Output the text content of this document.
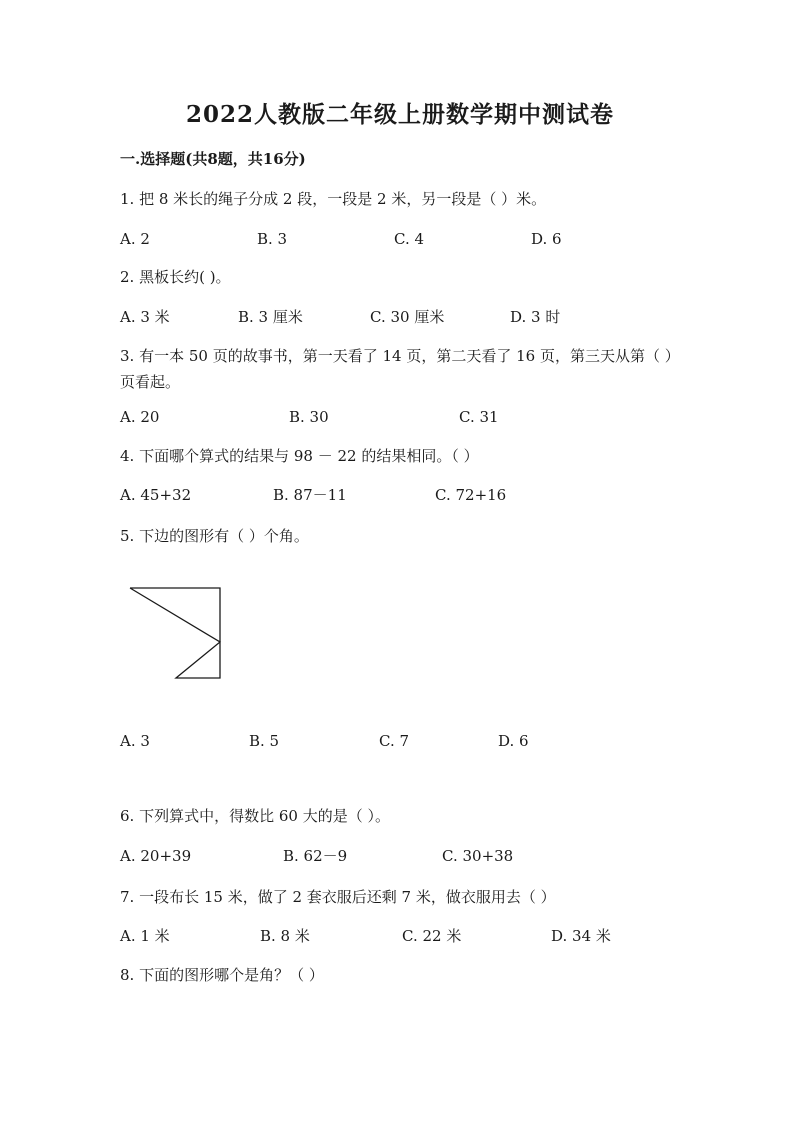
2022人教版二年级上册数学期中测试卷
一.选择题(共8题，共16分)
1. 把 8 米长的绳子分成 2 段，一段是 2 米，另一段是（ ）米。
A. 2	B. 3	C. 4	D. 6
2. 黑板长约( )。
A. 3 米	B. 3 厘米	C. 30 厘米	D. 3 时
3. 有一本 50 页的故事书，第一天看了 14 页，第二天看了 16 页，第三天从第（ ）页看起。
A. 20	B. 30	C. 31
4. 下面哪个算式的结果与 98 － 22 的结果相同。（ ）
A. 45+32	B. 87－11	C. 72+16
5. 下边的图形有（ ）个角。
A. 3	B. 5	C. 7	D. 6
6. 下列算式中，得数比 60 大的是（ ）。
A. 20+39	B. 62－9	C. 30+38
7. 一段布长 15 米，做了 2 套衣服后还剩 7 米，做衣服用去（ ）
A. 1 米	B. 8 米	C. 22 米	D. 34 米
8. 下面的图形哪个是角？（ ）
